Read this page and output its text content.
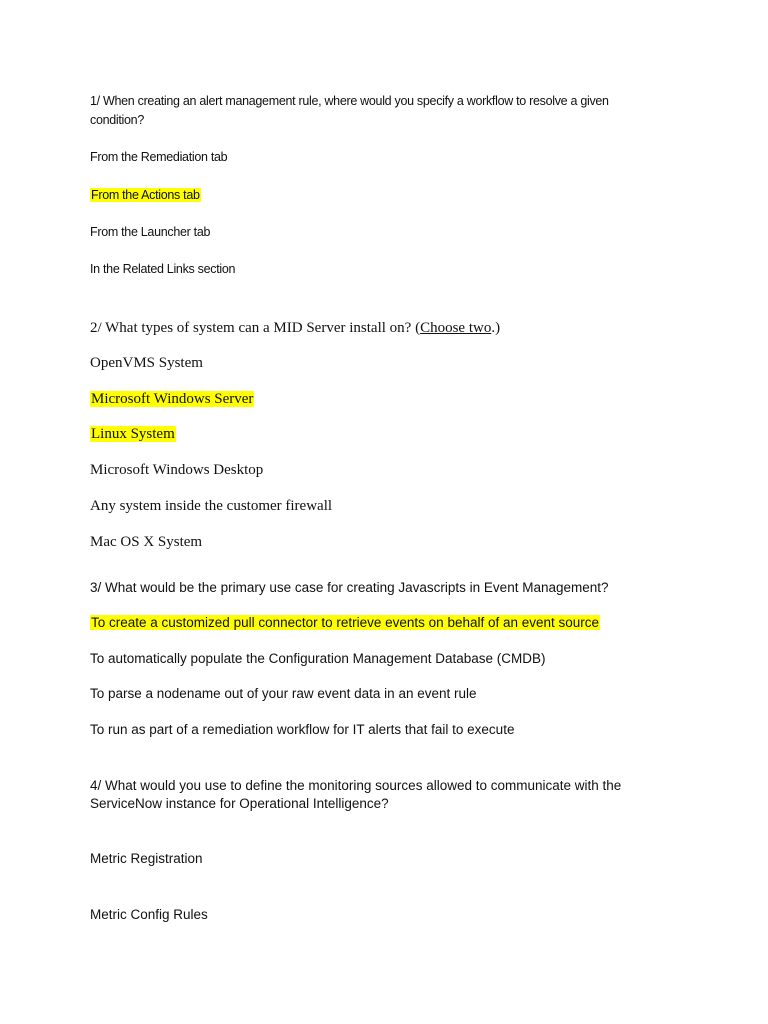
1/ When creating an alert management rule, where would you specify a workflow to resolve a given

condition?

From the Remediation tab

From the Actions tab

From the Launcher tab

In the Related Links section

2/ What types of system can a MID Server install on? (Choose two.)

OpenVMS System

Microsoft Windows Server

Linux System

Microsoft Windows Desktop

Any system inside the customer firewall

Mac OS X System

3/ What would be the primary use case for creating Javascripts in Event Management?

To create a customized pull connector to retrieve events on behalf of an event source

To automatically populate the Configuration Management Database (CMDB)

To parse a nodename out of your raw event data in an event rule

To run as part of a remediation workflow for IT alerts that fail to execute

4/ What would you use to define the monitoring sources allowed to communicate with the

ServiceNow instance for Operational Intelligence?

Metric Registration

Metric Config Rules
